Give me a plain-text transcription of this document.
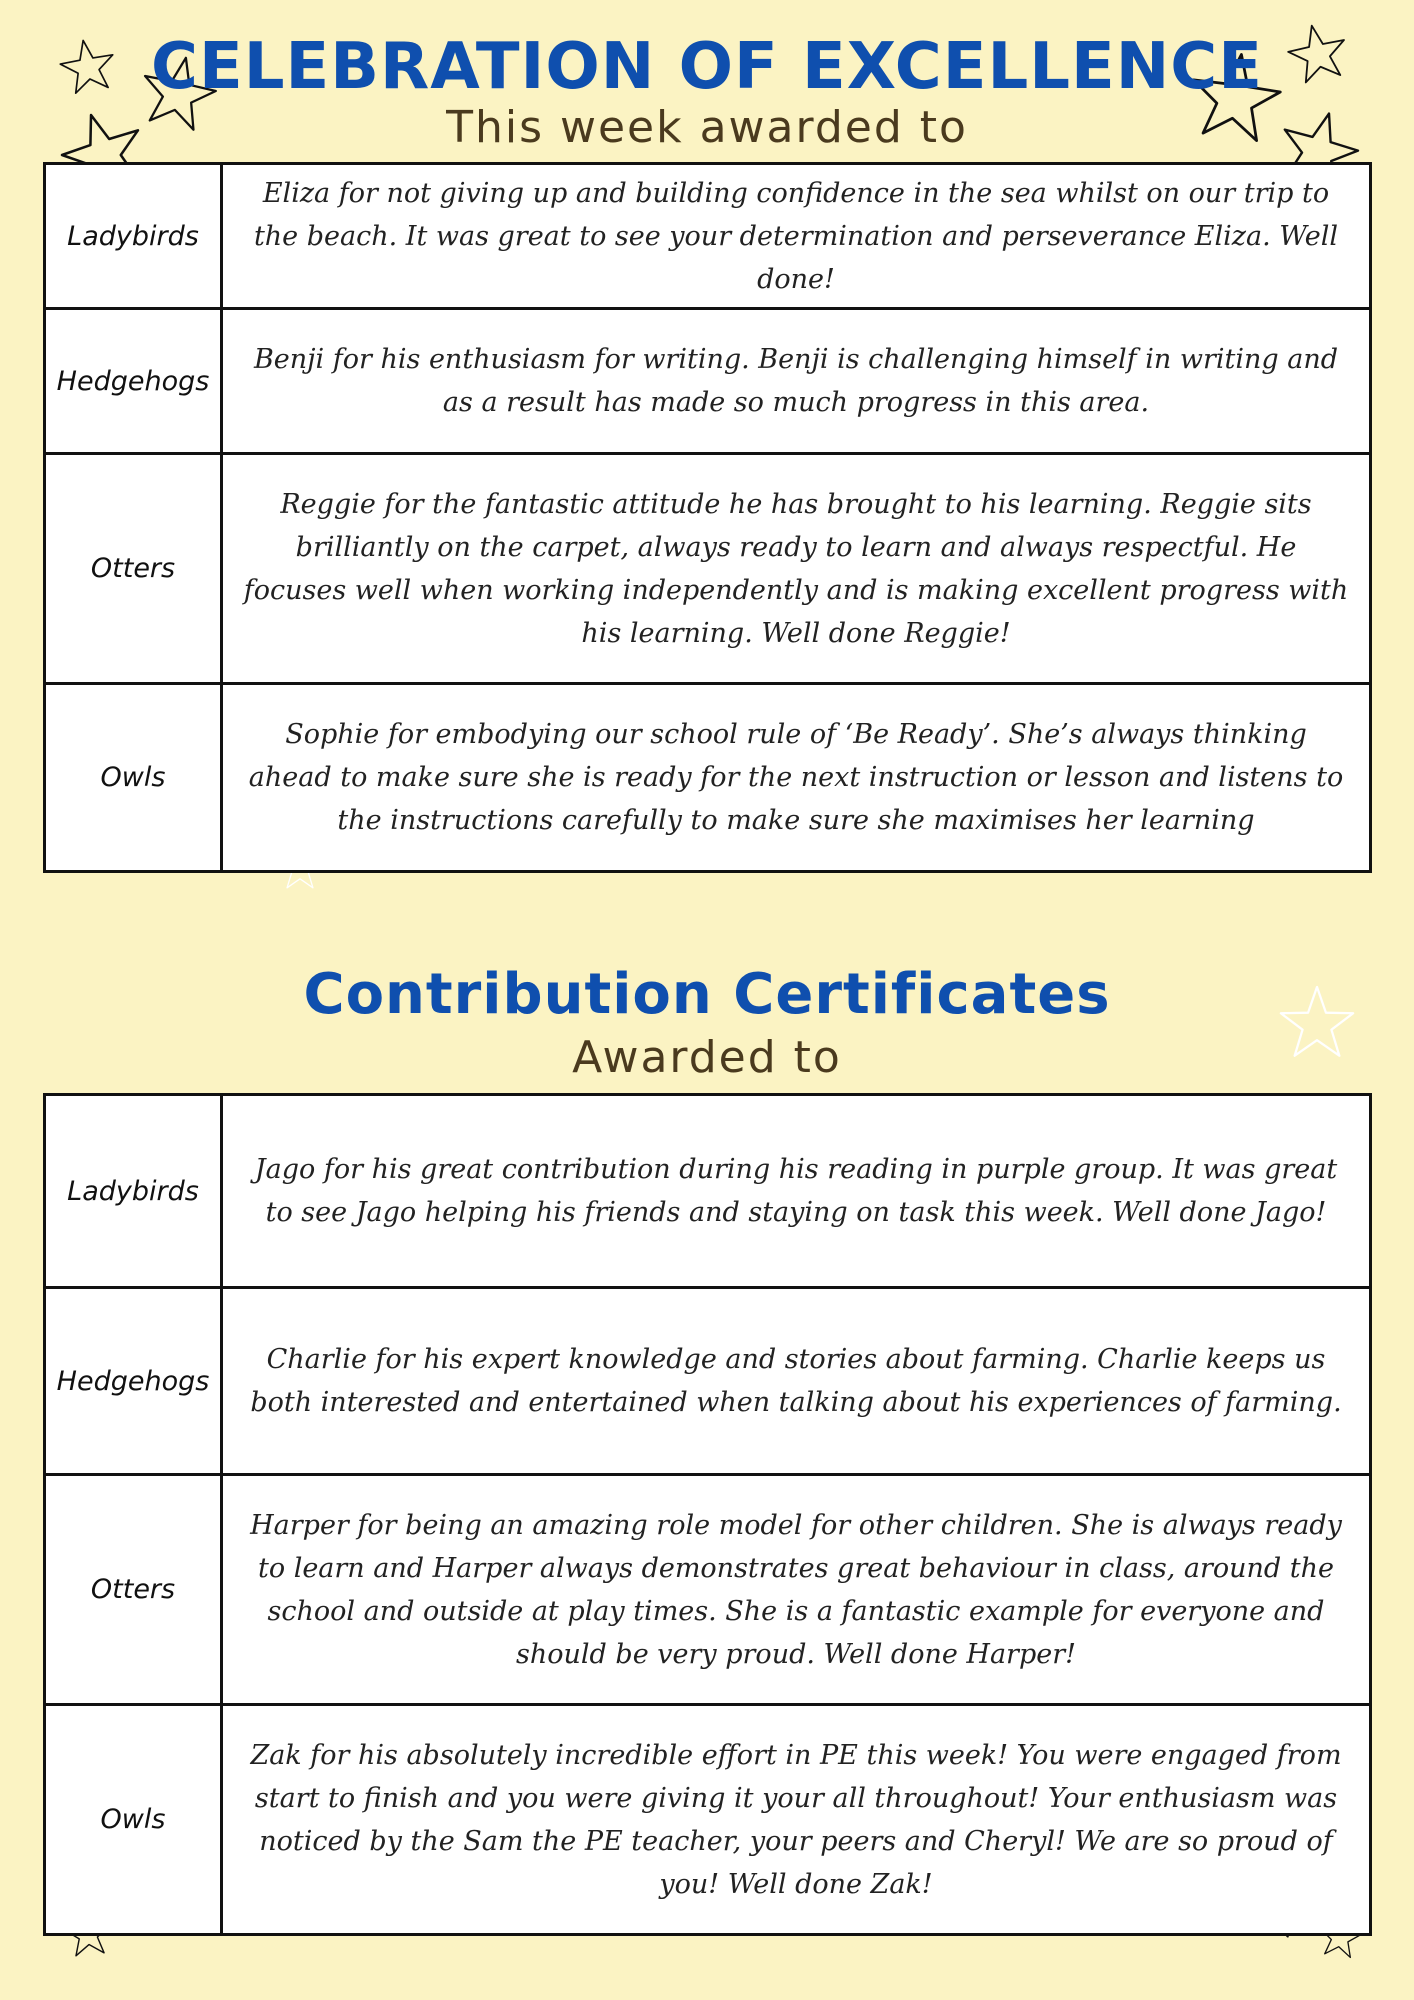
CELEBRATION OF EXCELLENCE
This week awarded to
Ladybirds	Eliza for not giving up and building confidence in the sea whilst on our trip to the beach. It was great to see your determination and perseverance Eliza. Well done!
Hedgehogs	Benji for his enthusiasm for writing. Benji is challenging himself in writing and as a result has made so much progress in this area.
Otters	Reggie for the fantastic attitude he has brought to his learning. Reggie sits brilliantly on the carpet, always ready to learn and always respectful. He focuses well when working independently and is making excellent progress with his learning. Well done Reggie!
Owls	Sophie for embodying our school rule of ‘Be Ready’. She’s always thinking ahead to make sure she is ready for the next instruction or lesson and listens to the instructions carefully to make sure she maximises her learning
Contribution Certificates
Awarded to
Ladybirds	Jago for his great contribution during his reading in purple group. It was great to see Jago helping his friends and staying on task this week. Well done Jago!
Hedgehogs	Charlie for his expert knowledge and stories about farming. Charlie keeps us both interested and entertained when talking about his experiences of farming.
Otters	Harper for being an amazing role model for other children. She is always ready to learn and Harper always demonstrates great behaviour in class, around the school and outside at play times. She is a fantastic example for everyone and should be very proud. Well done Harper!
Owls	Zak for his absolutely incredible effort in PE this week! You were engaged from start to finish and you were giving it your all throughout! Your enthusiasm was noticed by the Sam the PE teacher, your peers and Cheryl! We are so proud of you! Well done Zak!
